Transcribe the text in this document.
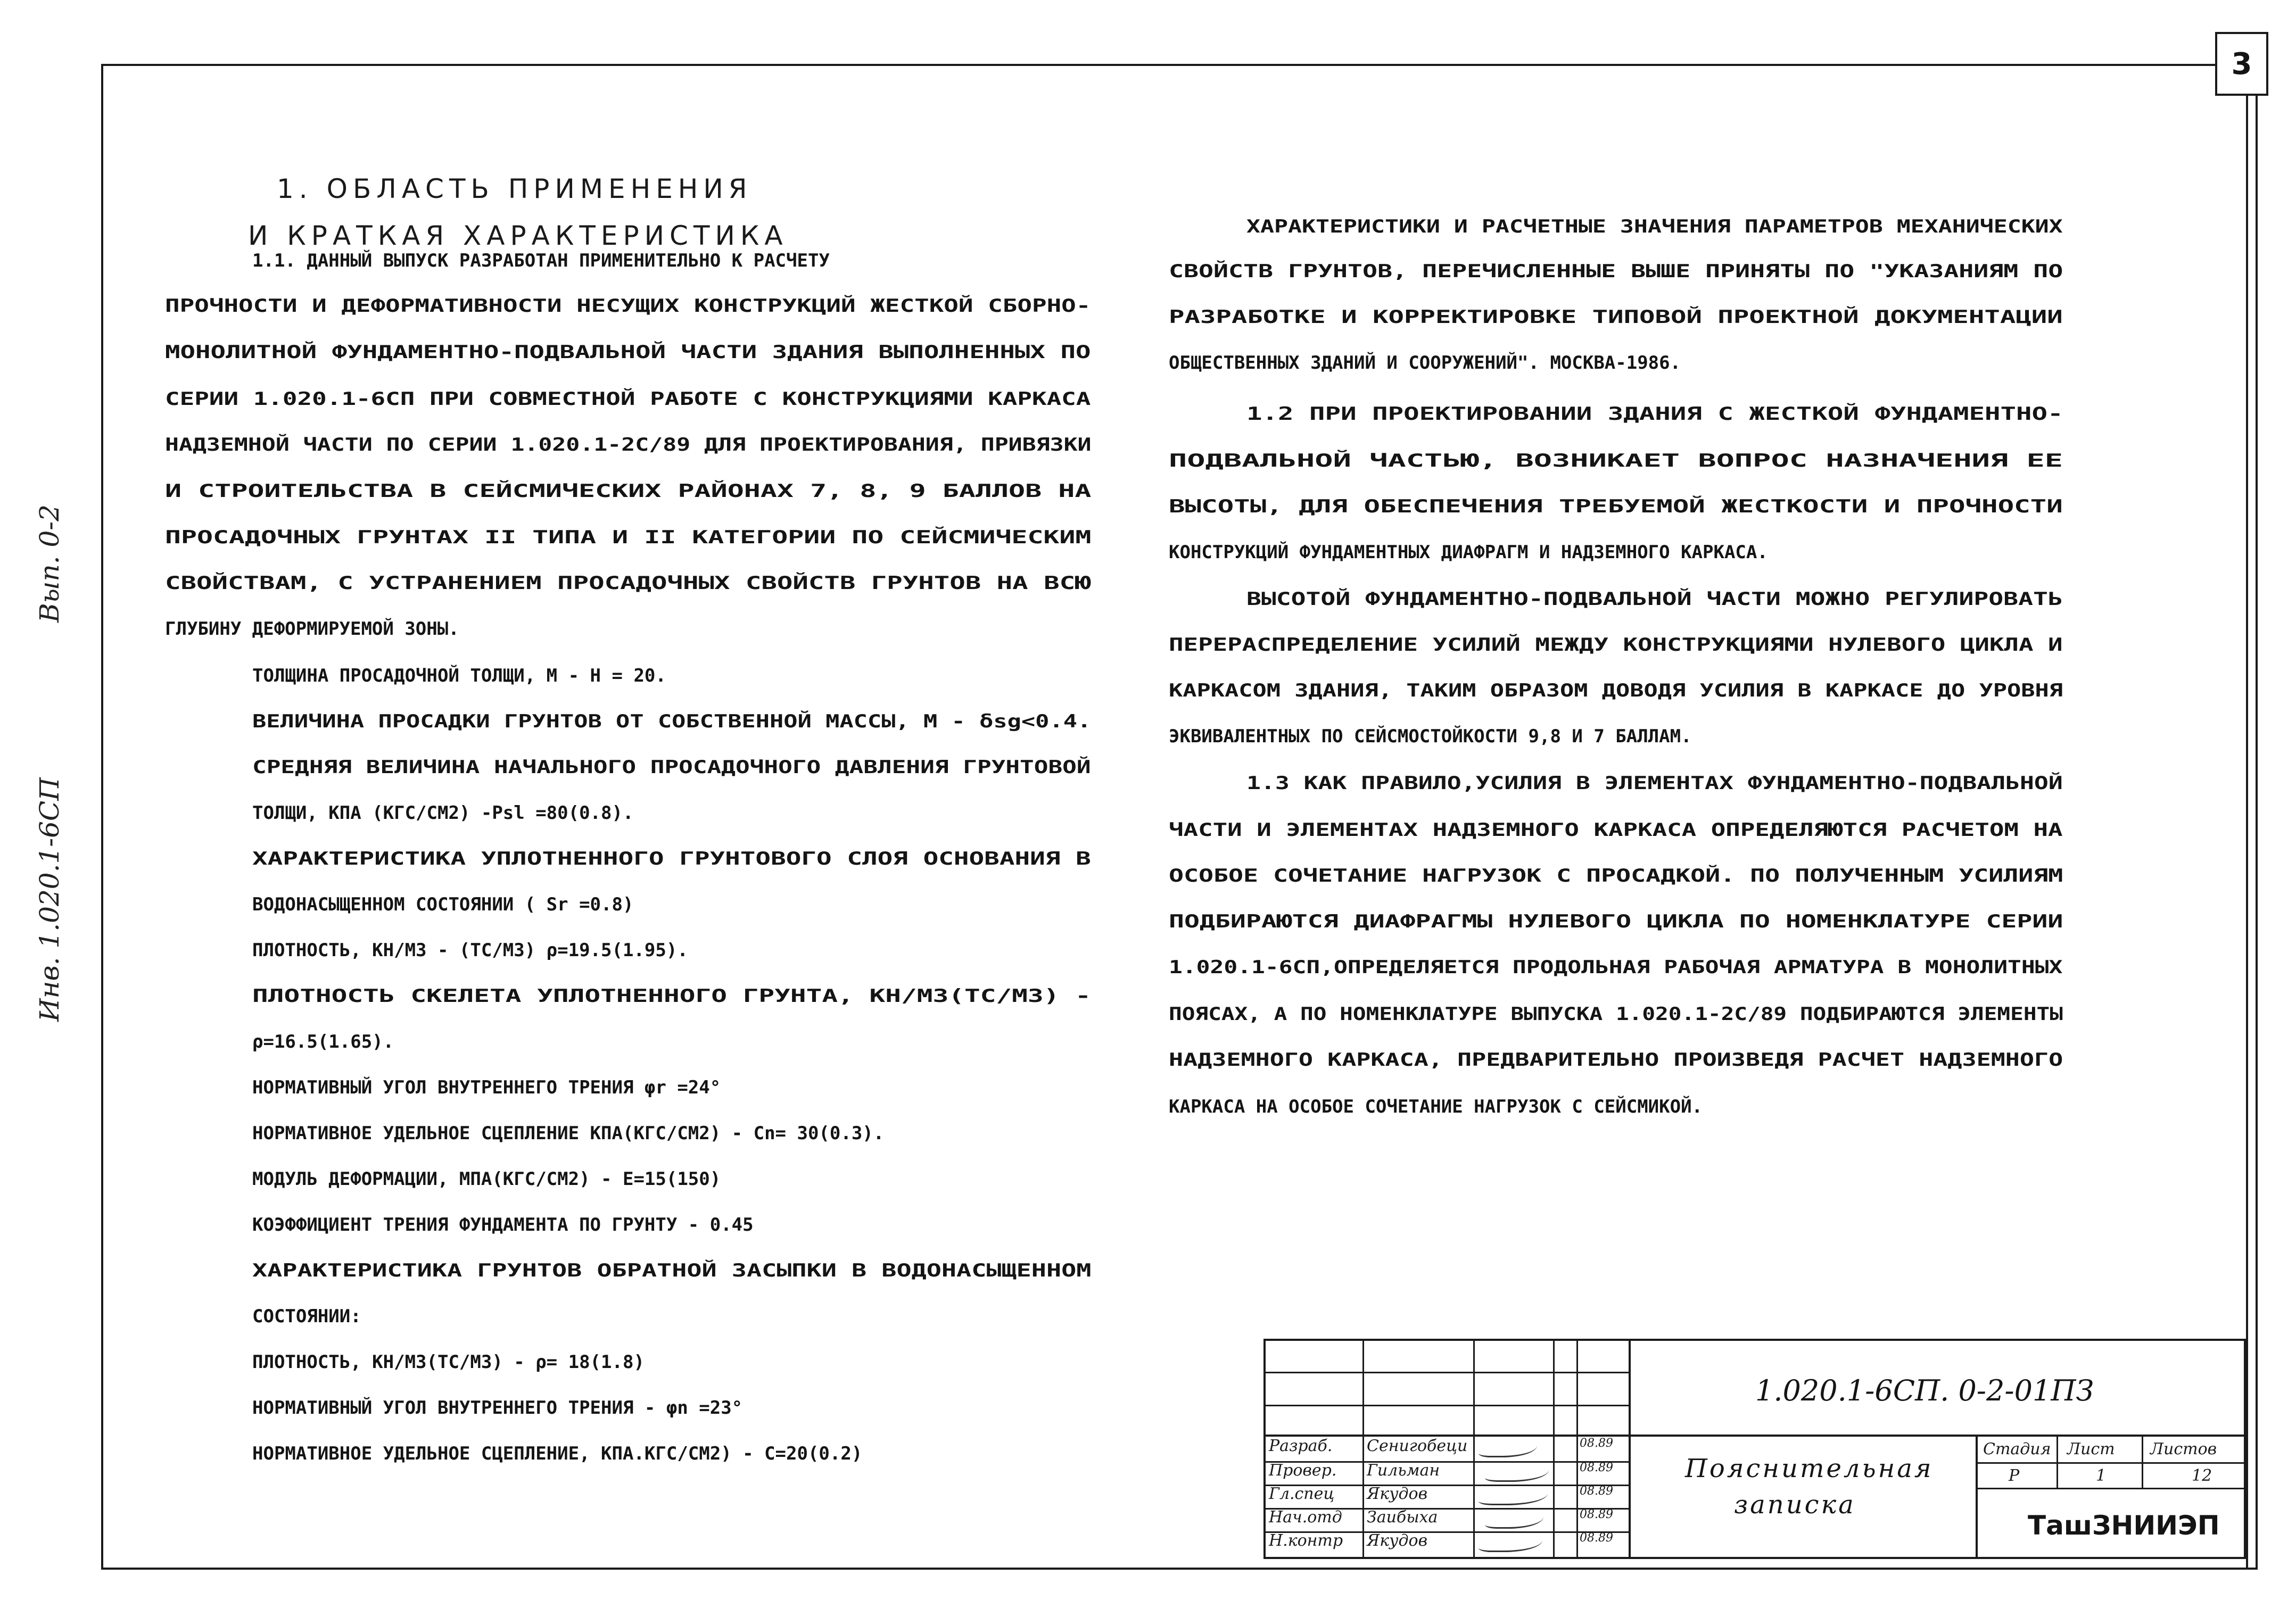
3
Инв. 1.020.1-6СП
Вып. 0-2
1. ОБЛАСТЬ ПРИМЕНЕНИЯ
И КРАТКАЯ ХАРАКТЕРИСТИКА
1.1. ДАННЫЙ ВЫПУСК РАЗРАБОТАН ПРИМЕНИТЕЛЬНО К РАСЧЕТУ
ПРОЧНОСТИ И ДЕФОРМАТИВНОСТИ НЕСУЩИХ КОНСТРУКЦИЙ ЖЕСТКОЙ СБОРНО-
МОНОЛИТНОЙ ФУНДАМЕНТНО-ПОДВАЛЬНОЙ ЧАСТИ ЗДАНИЯ ВЫПОЛНЕННЫХ ПО
СЕРИИ 1.020.1-6СП ПРИ СОВМЕСТНОЙ РАБОТЕ С КОНСТРУКЦИЯМИ КАРКАСА
НАДЗЕМНОЙ ЧАСТИ ПО СЕРИИ 1.020.1-2С/89 ДЛЯ ПРОЕКТИРОВАНИЯ, ПРИВЯЗКИ
И СТРОИТЕЛЬСТВА В СЕЙСМИЧЕСКИХ РАЙОНАХ 7, 8, 9 БАЛЛОВ НА
ПРОСАДОЧНЫХ ГРУНТАХ II ТИПА И II КАТЕГОРИИ ПО СЕЙСМИЧЕСКИМ
СВОЙСТВАМ, С УСТРАНЕНИЕМ ПРОСАДОЧНЫХ СВОЙСТВ ГРУНТОВ НА ВСЮ
ГЛУБИНУ ДЕФОРМИРУЕМОЙ ЗОНЫ.
ТОЛЩИНА ПРОСАДОЧНОЙ ТОЛЩИ, М - Н = 20.
ВЕЛИЧИНА ПРОСАДКИ ГРУНТОВ ОТ СОБСТВЕННОЙ МАССЫ, М - δsg<0.4.
СРЕДНЯЯ ВЕЛИЧИНА НАЧАЛЬНОГО ПРОСАДОЧНОГО ДАВЛЕНИЯ ГРУНТОВОЙ
ТОЛЩИ, КПА (КГС/СМ2) -Рsl =80(0.8).
ХАРАКТЕРИСТИКА УПЛОТНЕННОГО ГРУНТОВОГО СЛОЯ ОСНОВАНИЯ В
ВОДОНАСЫЩЕННОМ СОСТОЯНИИ ( Sr =0.8)
ПЛОТНОСТЬ, КН/М3 - (ТС/М3) ρ=19.5(1.95).
ПЛОТНОСТЬ СКЕЛЕТА УПЛОТНЕННОГО ГРУНТА, КН/М3(ТС/М3) -
ρ=16.5(1.65).
НОРМАТИВНЫЙ УГОЛ ВНУТРЕННЕГО ТРЕНИЯ φr =24°
НОРМАТИВНОЕ УДЕЛЬНОЕ СЦЕПЛЕНИЕ КПА(КГС/СМ2) - Сn= 30(0.3).
МОДУЛЬ ДЕФОРМАЦИИ, МПА(КГС/СМ2) - Е=15(150)
КОЭФФИЦИЕНТ ТРЕНИЯ ФУНДАМЕНТА ПО ГРУНТУ - 0.45
ХАРАКТЕРИСТИКА ГРУНТОВ ОБРАТНОЙ ЗАСЫПКИ В ВОДОНАСЫЩЕННОМ
СОСТОЯНИИ:
ПЛОТНОСТЬ, КН/М3(ТС/М3) - ρ= 18(1.8)
НОРМАТИВНЫЙ УГОЛ ВНУТРЕННЕГО ТРЕНИЯ - φn =23°
НОРМАТИВНОЕ УДЕЛЬНОЕ СЦЕПЛЕНИЕ, КПА.КГС/СМ2) - С=20(0.2)
ХАРАКТЕРИСТИКИ И РАСЧЕТНЫЕ ЗНАЧЕНИЯ ПАРАМЕТРОВ МЕХАНИЧЕСКИХ
СВОЙСТВ ГРУНТОВ, ПЕРЕЧИСЛЕННЫЕ ВЫШЕ ПРИНЯТЫ ПО "УКАЗАНИЯМ ПО
РАЗРАБОТКЕ И КОРРЕКТИРОВКЕ ТИПОВОЙ ПРОЕКТНОЙ ДОКУМЕНТАЦИИ
ОБЩЕСТВЕННЫХ ЗДАНИЙ И СООРУЖЕНИЙ". МОСКВА-1986.
1.2 ПРИ ПРОЕКТИРОВАНИИ ЗДАНИЯ С ЖЕСТКОЙ ФУНДАМЕНТНО-
ПОДВАЛЬНОЙ ЧАСТЬЮ, ВОЗНИКАЕТ ВОПРОС НАЗНАЧЕНИЯ ЕЕ
ВЫСОТЫ, ДЛЯ ОБЕСПЕЧЕНИЯ ТРЕБУЕМОЙ ЖЕСТКОСТИ И ПРОЧНОСТИ
КОНСТРУКЦИЙ ФУНДАМЕНТНЫХ ДИАФРАГМ И НАДЗЕМНОГО КАРКАСА.
ВЫСОТОЙ ФУНДАМЕНТНО-ПОДВАЛЬНОЙ ЧАСТИ МОЖНО РЕГУЛИРОВАТЬ
ПЕРЕРАСПРЕДЕЛЕНИЕ УСИЛИЙ МЕЖДУ КОНСТРУКЦИЯМИ НУЛЕВОГО ЦИКЛА И
КАРКАСОМ ЗДАНИЯ, ТАКИМ ОБРАЗОМ ДОВОДЯ УСИЛИЯ В КАРКАСЕ ДО УРОВНЯ
ЭКВИВАЛЕНТНЫХ ПО СЕЙСМОСТОЙКОСТИ 9,8 И 7 БАЛЛАМ.
1.3 КАК ПРАВИЛО,УСИЛИЯ В ЭЛЕМЕНТАХ ФУНДАМЕНТНО-ПОДВАЛЬНОЙ
ЧАСТИ И ЭЛЕМЕНТАХ НАДЗЕМНОГО КАРКАСА ОПРЕДЕЛЯЮТСЯ РАСЧЕТОМ НА
ОСОБОЕ СОЧЕТАНИЕ НАГРУЗОК С ПРОСАДКОЙ. ПО ПОЛУЧЕННЫМ УСИЛИЯМ
ПОДБИРАЮТСЯ ДИАФРАГМЫ НУЛЕВОГО ЦИКЛА ПО НОМЕНКЛАТУРЕ СЕРИИ
1.020.1-6СП,ОПРЕДЕЛЯЕТСЯ ПРОДОЛЬНАЯ РАБОЧАЯ АРМАТУРА В МОНОЛИТНЫХ
ПОЯСАХ, А ПО НОМЕНКЛАТУРЕ ВЫПУСКА 1.020.1-2С/89 ПОДБИРАЮТСЯ ЭЛЕМЕНТЫ
НАДЗЕМНОГО КАРКАСА, ПРЕДВАРИТЕЛЬНО ПРОИЗВЕДЯ РАСЧЕТ НАДЗЕМНОГО
КАРКАСА НА ОСОБОЕ СОЧЕТАНИЕ НАГРУЗОК С СЕЙСМИКОЙ.
1.020.1-6СП. 0-2-01ПЗ
Пояснительная
записка
Стадия Лист Листов
Р	1	12
ТашЗНИИЭП
Разраб. Сенигобеци	08.89
Провер. Гильман	08.89
Гл.спец Якудов	08.89
Нач.отд Заибыха	08.89
Н.контр Якудов	08.89
